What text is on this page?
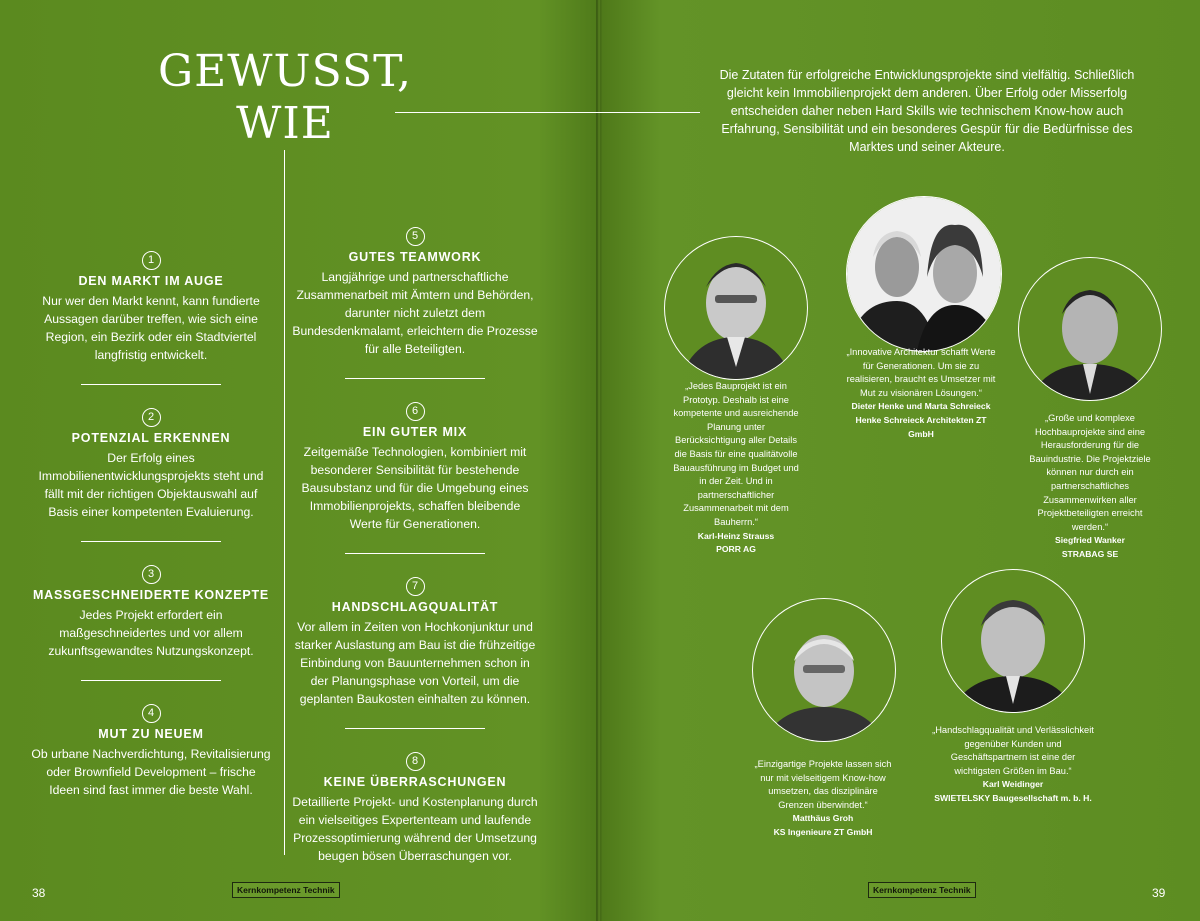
GEWUSST,
WIE
Die Zutaten für erfolgreiche Entwicklungsprojekte sind vielfältig. Schließlich gleicht kein Immobilienprojekt dem anderen. Über Erfolg oder Misserfolg entscheiden daher neben Hard Skills wie technischem Know-how auch Erfahrung, Sensibilität und ein besonderes Gespür für die Bedürfnisse des Marktes und seiner Akteure.
1
DEN MARKT IM AUGE
Nur wer den Markt kennt, kann fundierte Aussagen darüber treffen, wie sich eine Region, ein Bezirk oder ein Stadtviertel langfristig entwickelt.
2
POTENZIAL ERKENNEN
Der Erfolg eines Immobilienentwicklungsprojekts steht und fällt mit der richtigen Objektauswahl auf Basis einer kompetenten Evaluierung.
3
MASSGESCHNEIDERTE KONZEPTE
Jedes Projekt erfordert ein maßgeschneidertes und vor allem zukunftsgewandtes Nutzungskonzept.
4
MUT ZU NEUEM
Ob urbane Nachverdichtung, Revitalisierung oder Brownfield Development – frische Ideen sind fast immer die beste Wahl.
5
GUTES TEAMWORK
Langjährige und partnerschaftliche Zusammenarbeit mit Ämtern und Behörden, darunter nicht zuletzt dem Bundesdenkmalamt, erleichtern die Prozesse für alle Beteiligten.
6
EIN GUTER MIX
Zeitgemäße Technologien, kombiniert mit besonderer Sensibilität für bestehende Bausubstanz und für die Umgebung eines Immobilienprojekts, schaffen bleibende Werte für Generationen.
7
HANDSCHLAGQUALITÄT
Vor allem in Zeiten von Hochkonjunktur und starker Auslastung am Bau ist die frühzeitige Einbindung von Bauunternehmen schon in der Planungsphase von Vorteil, um die geplanten Baukosten einhalten zu können.
8
KEINE ÜBERRASCHUNGEN
Detaillierte Projekt- und Kostenplanung durch ein vielseitiges Expertenteam und laufende Prozessoptimierung während der Umsetzung beugen bösen Überraschungen vor.
„Jedes Bauprojekt ist ein Prototyp. Deshalb ist eine kompetente und ausreichende Planung unter Berücksichtigung aller Details die Basis für eine qualitätvolle Bauausführung im Budget und in der Zeit. Und in partnerschaftlicher Zusammenarbeit mit dem Bauherrn.“
Karl-Heinz Strauss
PORR AG
„Innovative Architektur schafft Werte für Generationen. Um sie zu realisieren, braucht es Umsetzer mit Mut zu visionären Lösungen.“
Dieter Henke und Marta Schreieck
Henke Schreieck Architekten ZT GmbH
„Große und komplexe Hochbauprojekte sind eine Herausforderung für die Bauindustrie. Die Projektziele können nur durch ein partnerschaftliches Zusammenwirken aller Projektbeteiligten erreicht werden.“
Siegfried Wanker
STRABAG SE
„Einzigartige Projekte lassen sich nur mit vielseitigem Know-how umsetzen, das disziplinäre Grenzen überwindet.“
Matthäus Groh
KS Ingenieure ZT GmbH
„Handschlagqualität und Verlässlichkeit gegenüber Kunden und Geschäftspartnern ist eine der wichtigsten Größen im Bau.“
Karl Weidinger
SWIETELSKY Baugesellschaft m. b. H.
38	Kernkompetenz Technik	Kernkompetenz Technik	39
